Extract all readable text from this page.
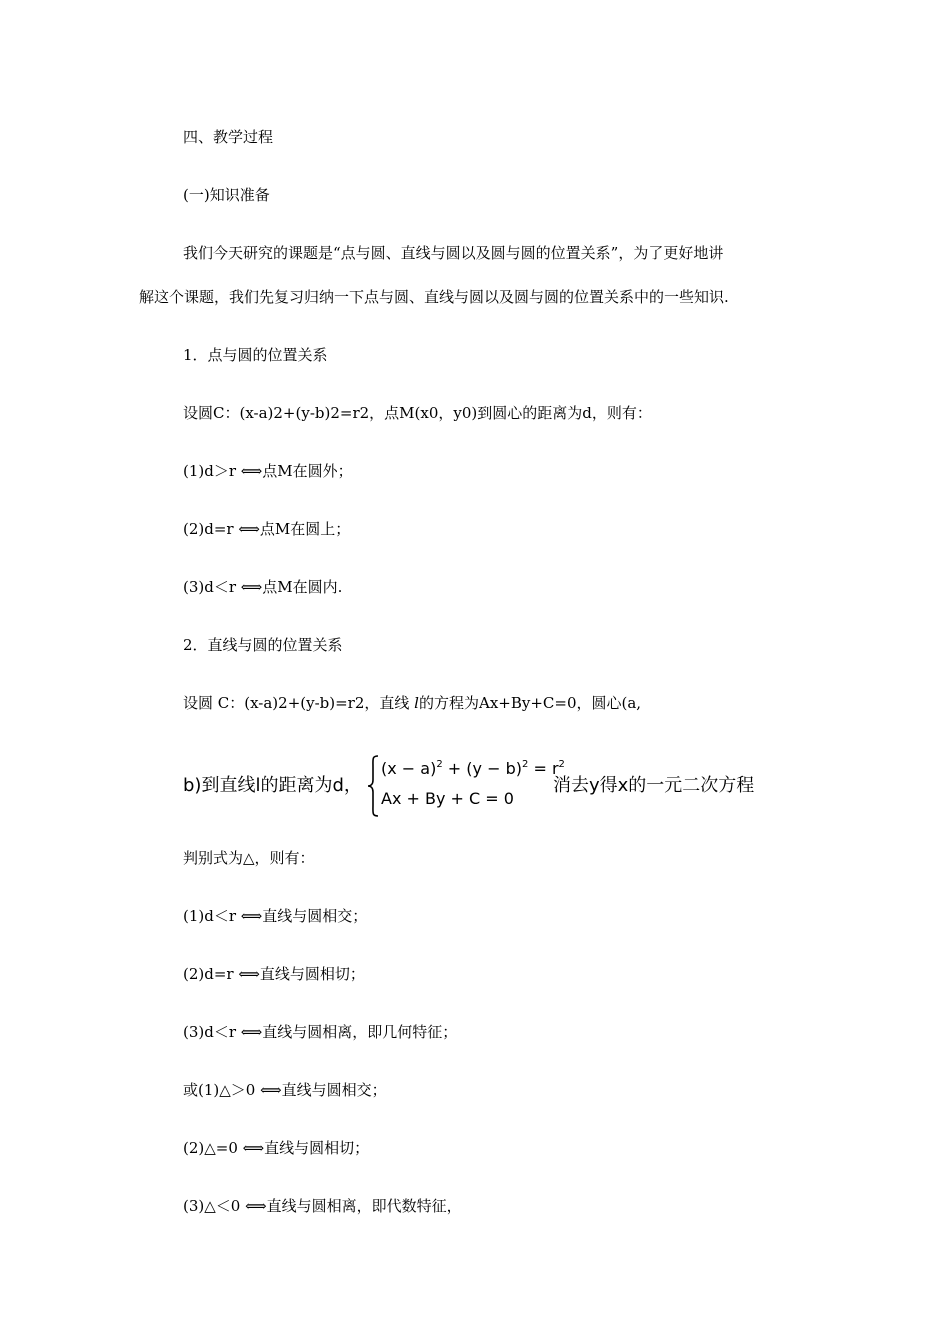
四、教学过程

(一)知识准备

我们今天研究的课题是“点与圆、直线与圆以及圆与圆的位置关系”，为了更好地讲

解这个课题，我们先复习归纳一下点与圆、直线与圆以及圆与圆的位置关系中的一些知识.

1．点与圆的位置关系

设圆C：(x-a)2+(y-b)2=r2，点M(x0，y0)到圆心的距离为d，则有：

(1)d＞r ⟺点M在圆外；

(2)d=r ⟺点M在圆上；

(3)d＜r ⟺点M在圆内.

2．直线与圆的位置关系

设圆 C：(x-a)2+(y-b)=r2，直线 l的方程为Ax+By+C=0，圆心(a,

b)到直线l的距离为d，
$(x - a)^2 + (y - b)^2 = r^2$
Ax + By + C = 0
消去y得x的一元二次方程

判别式为△，则有：

(1)d＜r ⟺直线与圆相交；

(2)d=r ⟺直线与圆相切；

(3)d＜r ⟺直线与圆相离，即几何特征；

或(1)△＞0 ⟺直线与圆相交；

(2)△=0 ⟺直线与圆相切；

(3)△＜0 ⟺直线与圆相离，即代数特征，
